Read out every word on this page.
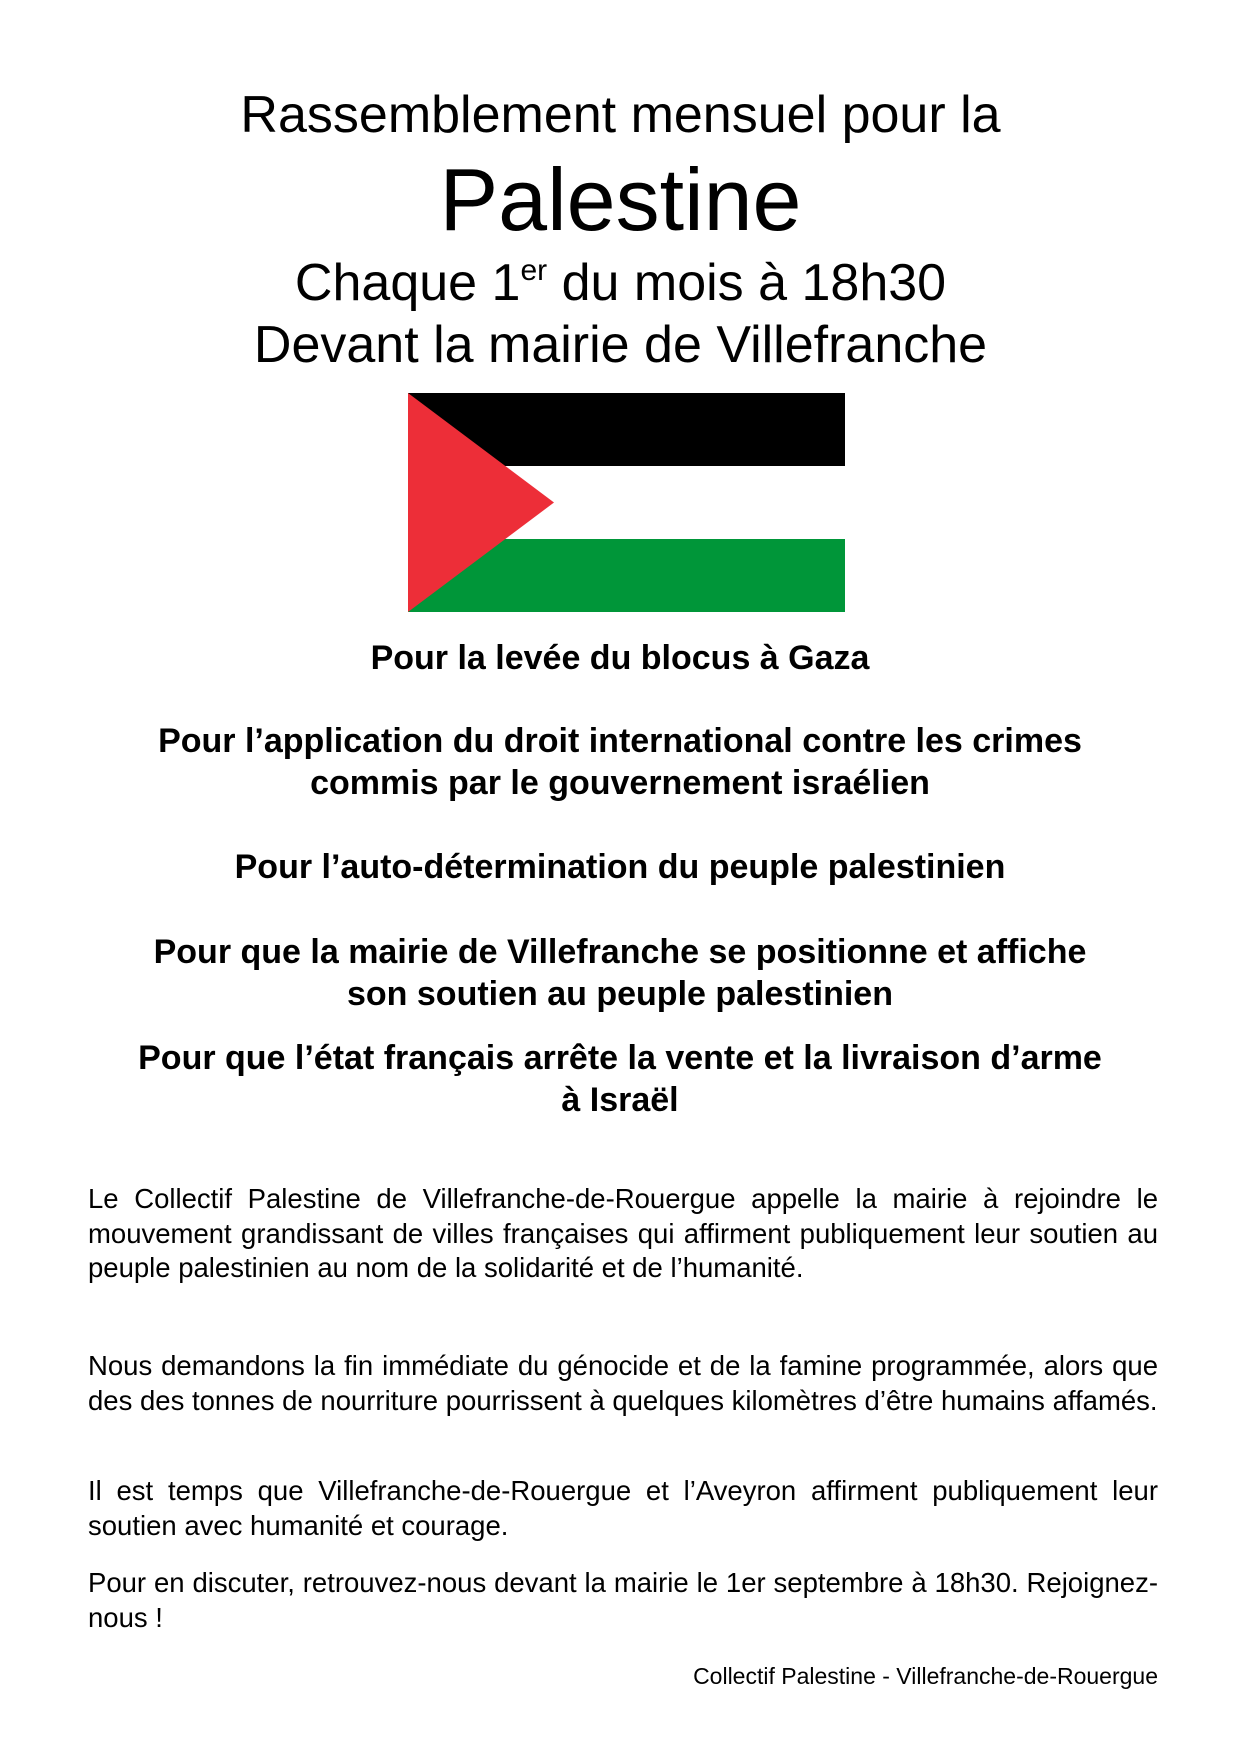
Rassemblement mensuel pour la
Palestine
Chaque 1er du mois à 18h30
Devant la mairie de Villefranche
Pour la levée du blocus à Gaza
Pour l’application du droit international contre les crimes
commis par le gouvernement israélien
Pour l’auto-détermination du peuple palestinien
Pour que la mairie de Villefranche se positionne et affiche
son soutien au peuple palestinien
Pour que l’état français arrête la vente et la livraison d’arme
à Israël
Le Collectif Palestine de Villefranche-de-Rouergue appelle la mairie à rejoindre le mouvement grandissant de villes françaises qui affirment publiquement leur soutien au peuple palestinien au nom de la solidarité et de l’humanité.
Nous demandons la fin immédiate du génocide et de la famine programmée, alors que des des tonnes de nourriture pourrissent à quelques kilomètres d’être humains affamés.
Il est temps que Villefranche-de-Rouergue et l’Aveyron affirment publiquement leur soutien avec humanité et courage.
Pour en discuter, retrouvez-nous devant la mairie le 1er septembre à 18h30. Rejoignez-nous !
Collectif Palestine - Villefranche-de-Rouergue
